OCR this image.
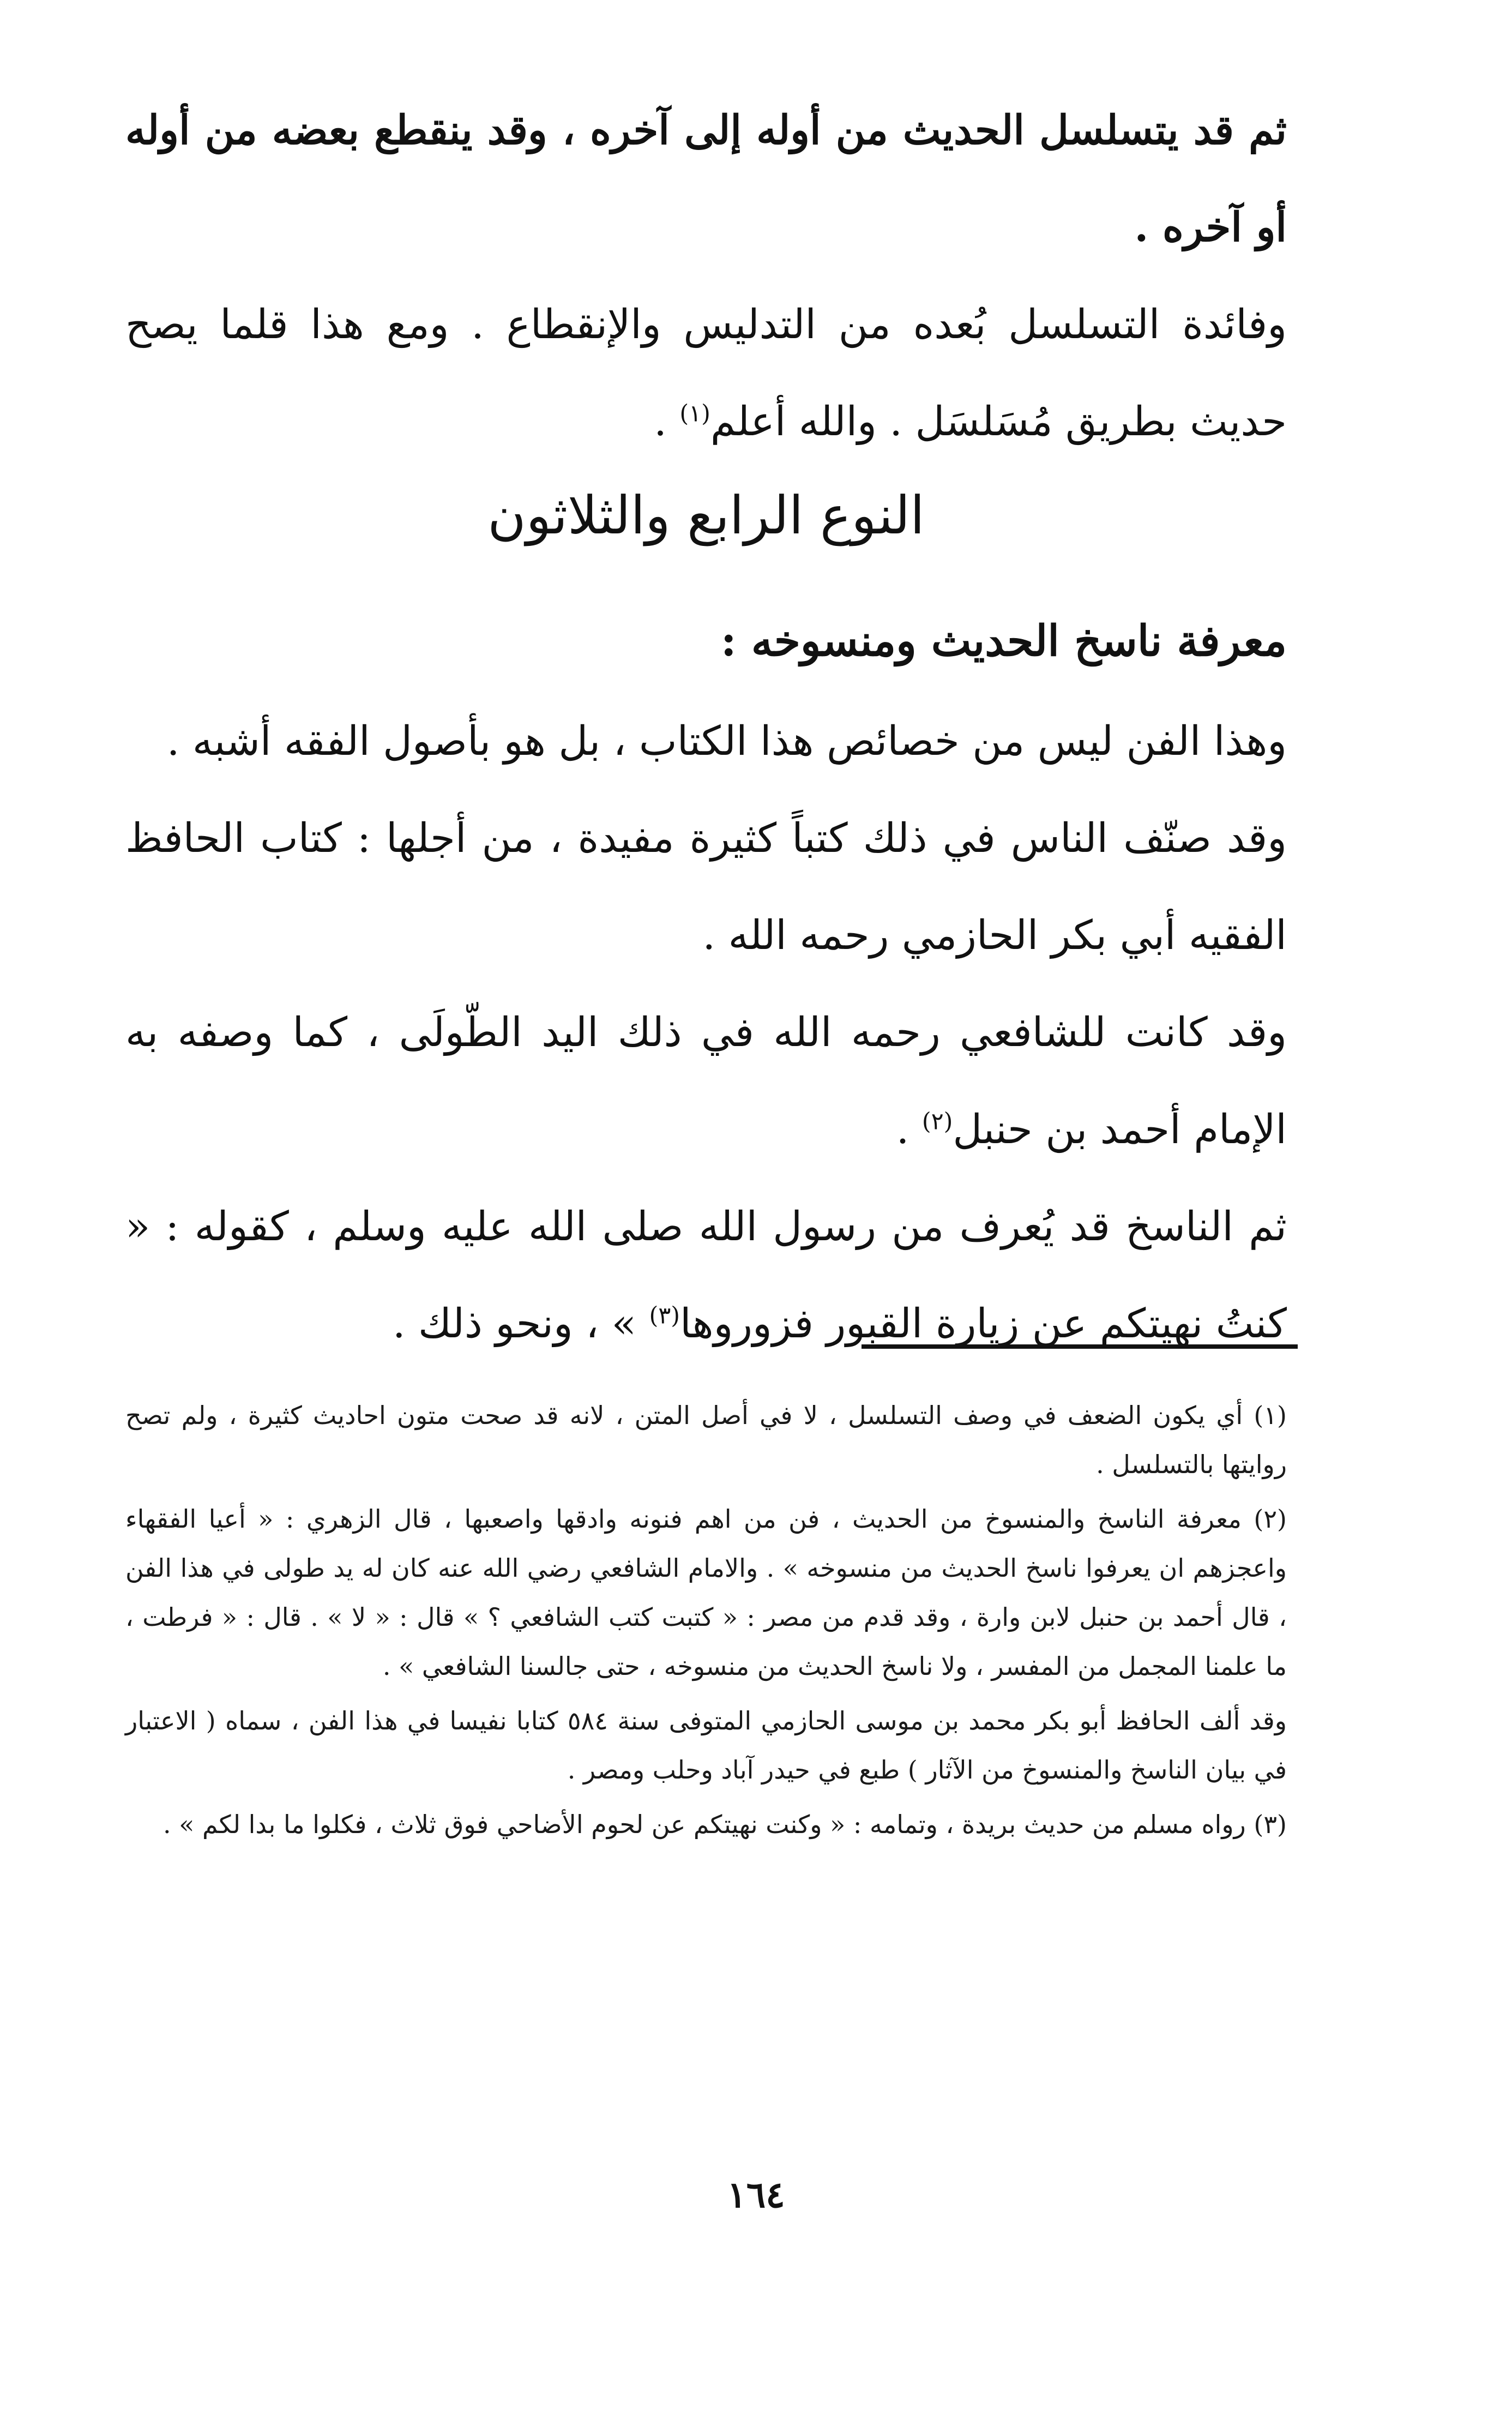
ثم قد يتسلسل الحديث من أوله إلى آخره ، وقد ينقطع بعضه من أوله أو آخره .

وفائدة التسلسل بُعده من التدليس والإنقطاع . ومع هذا قلما يصح حديث بطريق مُسَلسَل . والله أعلم$^{(١)}$ .

النوع الرابع والثلاثون
معرفة ناسخ الحديث ومنسوخه :

وهذا الفن ليس من خصائص هذا الكتاب ، بل هو بأصول الفقه أشبه .

وقد صنّف الناس في ذلك كتباً كثيرة مفيدة ، من أجلها : كتاب الحافظ الفقيه أبي بكر الحازمي رحمه الله .

وقد كانت للشافعي رحمه الله في ذلك اليد الطّولَى ، كما وصفه به الإمام أحمد بن حنبل$^{(٢)}$ .

ثم الناسخ قد يُعرف من رسول الله صلى الله عليه وسلم ، كقوله : « كنتُ نهيتكم عن زيارة القبور فزوروها$^{(٣)}$ » ، ونحو ذلك .

(١) أي يكون الضعف في وصف التسلسل ، لا في أصل المتن ، لانه قد صحت متون احاديث كثيرة ، ولم تصح روايتها بالتسلسل .

(٢) معرفة الناسخ والمنسوخ من الحديث ، فن من اهم فنونه وادقها واصعبها ، قال الزهري : « أعيا الفقهاء واعجزهم ان يعرفوا ناسخ الحديث من منسوخه » . والامام الشافعي رضي الله عنه كان له يد طولى في هذا الفن ، قال أحمد بن حنبل لابن وارة ، وقد قدم من مصر : « كتبت كتب الشافعي ؟ » قال : « لا » . قال : « فرطت ، ما علمنا المجمل من المفسر ، ولا ناسخ الحديث من منسوخه ، حتى جالسنا الشافعي » .

وقد ألف الحافظ أبو بكر محمد بن موسى الحازمي المتوفى سنة ٥٨٤ كتابا نفيسا في هذا الفن ، سماه ( الاعتبار في بيان الناسخ والمنسوخ من الآثار ) طبع في حيدر آباد وحلب ومصر .

(٣) رواه مسلم من حديث بريدة ، وتمامه : « وكنت نهيتكم عن لحوم الأضاحي فوق ثلاث ، فكلوا ما بدا لكم » .

١٦٤
